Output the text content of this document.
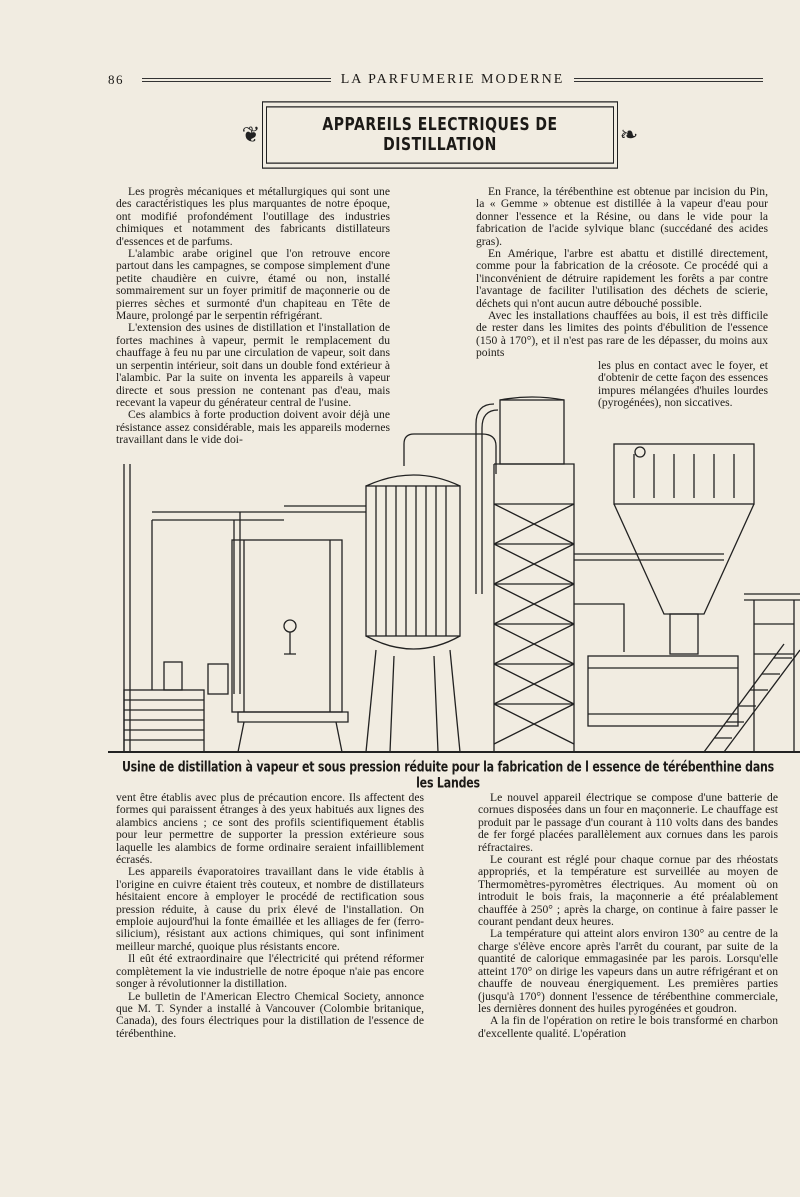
86	LA PARFUMERIE MODERNE
❦	APPAREILS ELECTRIQUES DE DISTILLATION	❧

Les progrès mécaniques et métallurgiques qui sont une des caractéristiques les plus marquantes de notre époque, ont modifié profondément l'outillage des industries chimiques et notamment des fabricants distillateurs d'essences et de parfums.

L'alambic arabe originel que l'on retrouve encore partout dans les campagnes, se compose simplement d'une petite chaudière en cuivre, étamé ou non, installé sommairement sur un foyer primitif de maçonnerie ou de pierres sèches et surmonté d'un chapiteau en Tête de Maure, prolongé par le serpentin réfrigérant.

L'extension des usines de distillation et l'installation de fortes machines à vapeur, permit le remplacement du chauffage à feu nu par une circulation de vapeur, soit dans un serpentin intérieur, soit dans un double fond extérieur à l'alambic. Par la suite on inventa les appareils à vapeur directe et sous pression ne contenant pas d'eau, mais recevant la vapeur du générateur central de l'usine.

Ces alambics à forte production doivent avoir déjà une résistance assez considérable, mais les appareils modernes travaillant dans le vide doi-

En France, la térébenthine est obtenue par incision du Pin, la « Gemme » obtenue est distillée à la vapeur d'eau pour donner l'essence et la Résine, ou dans le vide pour la fabrication de l'acide sylvique blanc (succédané des acides gras).

En Amérique, l'arbre est abattu et distillé directement, comme pour la fabrication de la créosote. Ce procédé qui a l'inconvénient de détruire rapidement les forêts a par contre l'avantage de faciliter l'utilisation des déchets de scierie, déchets qui n'ont aucun autre débouché possible.

Avec les installations chauffées au bois, il est très difficile de rester dans les limites des points d'ébulition de l'essence (150 à 170°), et il n'est pas rare de les dépasser, du moins aux points

les plus en contact avec le foyer, et d'obtenir de cette façon des essences impures mélangées d'huiles lourdes (pyrogénées), non siccatives.

Usine de distillation à vapeur et sous pression réduite pour la fabrication de l essence de térébenthine dans les Landes

vent être établis avec plus de précaution encore. Ils affectent des formes qui paraissent étranges à des yeux habitués aux lignes des alambics anciens ; ce sont des profils scientifiquement établis pour leur permettre de supporter la pression extérieure sous laquelle les alambics de forme ordinaire seraient infailliblement écrasés.

Les appareils évaporatoires travaillant dans le vide établis à l'origine en cuivre étaient très couteux, et nombre de distillateurs hésitaient encore à employer le procédé de rectification sous pression réduite, à cause du prix élevé de l'installation. On emploie aujourd'hui la fonte émaillée et les alliages de fer (ferro-silicium), résistant aux actions chimiques, qui sont infiniment meilleur marché, quoique plus résistants encore.

Il eût été extraordinaire que l'électricité qui prétend réformer complètement la vie industrielle de notre époque n'aie pas encore songer à révolutionner la distillation.

Le bulletin de l'American Electro Chemical Society, annonce que M. T. Synder a installé à Vancouver (Colombie britanique, Canada), des fours électriques pour la distillation de l'essence de térébenthine.

Le nouvel appareil électrique se compose d'une batterie de cornues disposées dans un four en maçonnerie. Le chauffage est produit par le passage d'un courant à 110 volts dans des bandes de fer forgé placées parallèlement aux cornues dans les parois réfractaires.

Le courant est réglé pour chaque cornue par des rhéostats appropriés, et la température est surveillée au moyen de Thermomètres-pyromètres électriques. Au moment où on introduit le bois frais, la maçonnerie a été préalablement chauffée à 250° ; après la charge, on continue à faire passer le courant pendant deux heures.

La température qui atteint alors environ 130° au centre de la charge s'élève encore après l'arrêt du courant, par suite de la quantité de calorique emmagasinée par les parois. Lorsqu'elle atteint 170° on dirige les vapeurs dans un autre réfrigérant et on chauffe de nouveau énergiquement. Les premières parties (jusqu'à 170°) donnent l'essence de térébenthine commerciale, les dernières donnent des huiles pyrogénées et goudron.

A la fin de l'opération on retire le bois transformé en charbon d'excellente qualité. L'opération
